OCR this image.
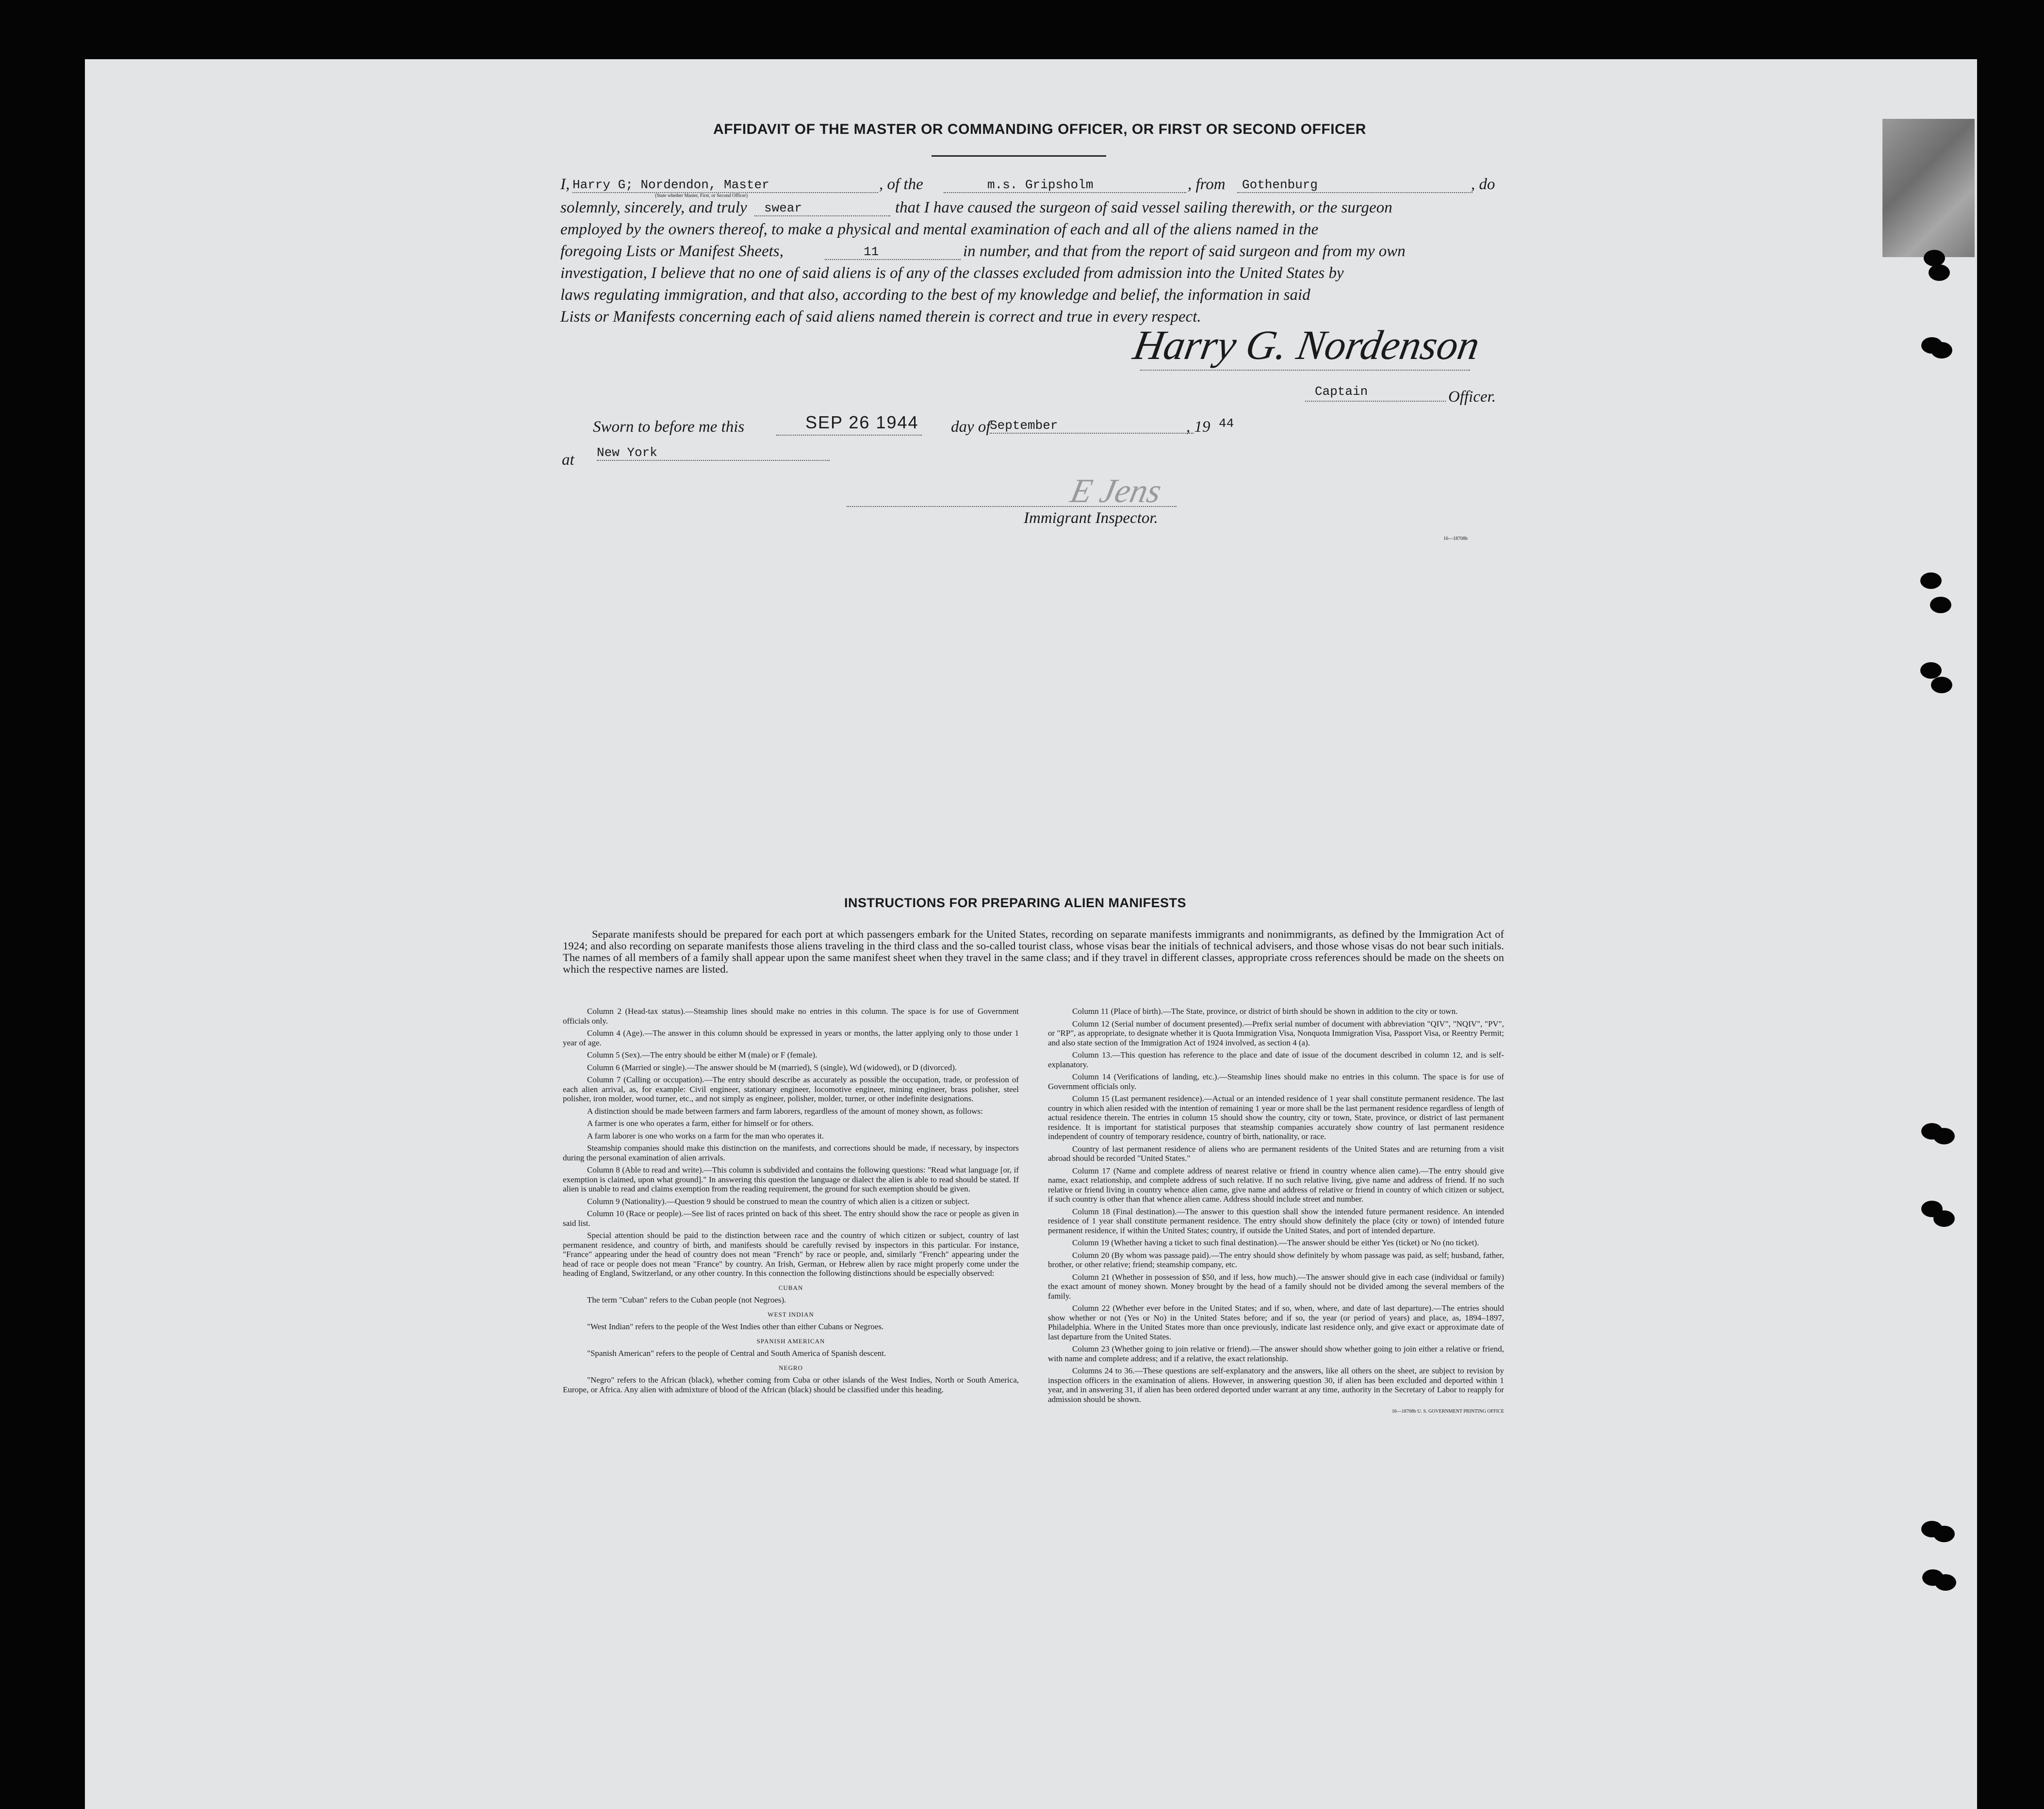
AFFIDAVIT OF THE MASTER OR COMMANDING OFFICER, OR FIRST OR SECOND OFFICER
I, Harry G; Nordendon, Master
(State whether Master, First, or Second Officer)
, of the	m.s. Gripsholm	, from	Gothenburg	, do
solemnly, sincerely, and truly	swear	that I have caused the surgeon of said vessel sailing therewith, or the surgeon
employed by the owners thereof, to make a physical and mental examination of each and all of the aliens named in the
foregoing Lists or Manifest Sheets,	11	in number, and that from the report of said surgeon and from my own
investigation, I believe that no one of said aliens is of any of the classes excluded from admission into the United States by
laws regulating immigration, and that also, according to the best of my knowledge and belief, the information in said
Lists or Manifests concerning each of said aliens named therein is correct and true in every respect.
Harry G. Nordenson
Captain	Officer.
Sworn to before me this	SEP 26 1944 day of
September	, 19 44
at New York
E Jens
Immigrant Inspector.
16—18708b
INSTRUCTIONS FOR PREPARING ALIEN MANIFESTS
Separate manifests should be prepared for each port at which passengers embark for the United States, recording on separate manifests immigrants and nonimmigrants, as defined by the Immigration Act of 1924; and also recording on separate manifests those aliens traveling in the third class and the so-called tourist class, whose visas bear the initials of technical advisers, and those whose visas do not bear such initials. The names of all members of a family shall appear upon the same manifest sheet when they travel in the same class; and if they travel in different classes, appropriate cross references should be made on the sheets on which the respective names are listed.

Column 2 (Head-tax status).—Steamship lines should make no entries in this column. The space is for use of Government officials only.

Column 4 (Age).—The answer in this column should be expressed in years or months, the latter applying only to those under 1 year of age.

Column 5 (Sex).—The entry should be either M (male) or F (female).

Column 6 (Married or single).—The answer should be M (married), S (single), Wd (widowed), or D (divorced).

Column 7 (Calling or occupation).—The entry should describe as accurately as possible the occupation, trade, or profession of each alien arrival, as, for example: Civil engineer, stationary engineer, locomotive engineer, mining engineer, brass polisher, steel polisher, iron molder, wood turner, etc., and not simply as engineer, polisher, molder, turner, or other indefinite designations.

A distinction should be made between farmers and farm laborers, regardless of the amount of money shown, as follows:

A farmer is one who operates a farm, either for himself or for others.

A farm laborer is one who works on a farm for the man who operates it.

Steamship companies should make this distinction on the manifests, and corrections should be made, if necessary, by inspectors during the personal examination of alien arrivals.

Column 8 (Able to read and write).—This column is subdivided and contains the following questions: "Read what language [or, if exemption is claimed, upon what ground]." In answering this question the language or dialect the alien is able to read should be stated. If alien is unable to read and claims exemption from the reading requirement, the ground for such exemption should be given.

Column 9 (Nationality).—Question 9 should be construed to mean the country of which alien is a citizen or subject.

Column 10 (Race or people).—See list of races printed on back of this sheet. The entry should show the race or people as given in said list.

Special attention should be paid to the distinction between race and the country of which citizen or subject, country of last permanent residence, and country of birth, and manifests should be carefully revised by inspectors in this particular. For instance, "France" appearing under the head of country does not mean "French" by race or people, and, similarly "French" appearing under the head of race or people does not mean "France" by country. An Irish, German, or Hebrew alien by race might properly come under the heading of England, Switzerland, or any other country. In this connection the following distinctions should be especially observed:

CUBAN

The term "Cuban" refers to the Cuban people (not Negroes).

WEST INDIAN

"West Indian" refers to the people of the West Indies other than either Cubans or Negroes.

SPANISH AMERICAN

"Spanish American" refers to the people of Central and South America of Spanish descent.

NEGRO

"Negro" refers to the African (black), whether coming from Cuba or other islands of the West Indies, North or South America, Europe, or Africa. Any alien with admixture of blood of the African (black) should be classified under this heading.

Column 11 (Place of birth).—The State, province, or district of birth should be shown in addition to the city or town.

Column 12 (Serial number of document presented).—Prefix serial number of document with abbreviation "QIV", "NQIV", "PV", or "RP", as appropriate, to designate whether it is Quota Immigration Visa, Nonquota Immigration Visa, Passport Visa, or Reentry Permit; and also state section of the Immigration Act of 1924 involved, as section 4 (a).

Column 13.—This question has reference to the place and date of issue of the document described in column 12, and is self-explanatory.

Column 14 (Verifications of landing, etc.).—Steamship lines should make no entries in this column. The space is for use of Government officials only.

Column 15 (Last permanent residence).—Actual or an intended residence of 1 year shall constitute permanent residence. The last country in which alien resided with the intention of remaining 1 year or more shall be the last permanent residence regardless of length of actual residence therein. The entries in column 15 should show the country, city or town, State, province, or district of last permanent residence. It is important for statistical purposes that steamship companies accurately show country of last permanent residence independent of country of temporary residence, country of birth, nationality, or race.

Country of last permanent residence of aliens who are permanent residents of the United States and are returning from a visit abroad should be recorded "United States."

Column 17 (Name and complete address of nearest relative or friend in country whence alien came).—The entry should give name, exact relationship, and complete address of such relative. If no such relative living, give name and address of friend. If no such relative or friend living in country whence alien came, give name and address of relative or friend in country of which citizen or subject, if such country is other than that whence alien came. Address should include street and number.

Column 18 (Final destination).—The answer to this question shall show the intended future permanent residence. An intended residence of 1 year shall constitute permanent residence. The entry should show definitely the place (city or town) of intended future permanent residence, if within the United States; country, if outside the United States, and port of intended departure.

Column 19 (Whether having a ticket to such final destination).—The answer should be either Yes (ticket) or No (no ticket).

Column 20 (By whom was passage paid).—The entry should show definitely by whom passage was paid, as self; husband, father, brother, or other relative; friend; steamship company, etc.

Column 21 (Whether in possession of $50, and if less, how much).—The answer should give in each case (individual or family) the exact amount of money shown. Money brought by the head of a family should not be divided among the several members of the family.

Column 22 (Whether ever before in the United States; and if so, when, where, and date of last departure).—The entries should show whether or not (Yes or No) in the United States before; and if so, the year (or period of years) and place, as, 1894–1897, Philadelphia. Where in the United States more than once previously, indicate last residence only, and give exact or approximate date of last departure from the United States.

Column 23 (Whether going to join relative or friend).—The answer should show whether going to join either a relative or friend, with name and complete address; and if a relative, the exact relationship.

Columns 24 to 36.—These questions are self-explanatory and the answers, like all others on the sheet, are subject to revision by inspection officers in the examination of aliens. However, in answering question 30, if alien has been excluded and deported within 1 year, and in answering 31, if alien has been ordered deported under warrant at any time, authority in the Secretary of Labor to reapply for admission should be shown.

16—18708b U. S. GOVERNMENT PRINTING OFFICE
